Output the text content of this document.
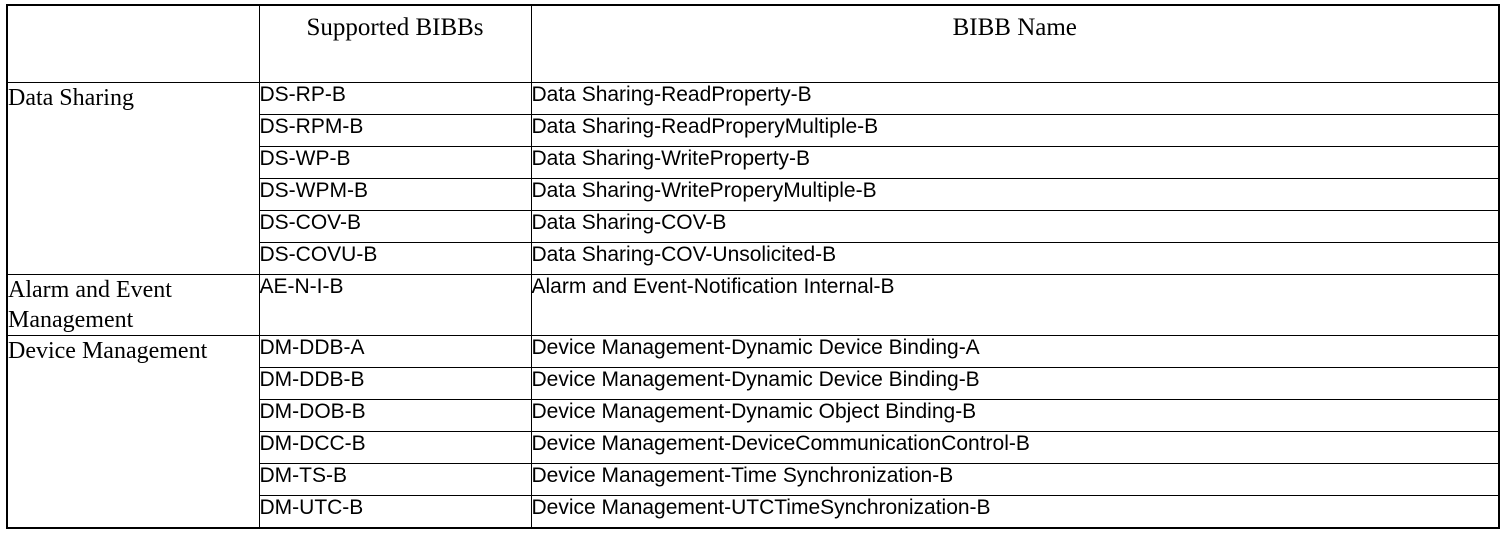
	Supported BIBBs	BIBB Name

Data Sharing	DS-RP-B	Data Sharing-ReadProperty-B
	DS-RPM-B	Data Sharing-ReadProperyMultiple-B
	DS-WP-B	Data Sharing-WriteProperty-B
	DS-WPM-B	Data Sharing-WriteProperyMultiple-B
	DS-COV-B	Data Sharing-COV-B
	DS-COVU-B	Data Sharing-COV-Unsolicited-B

Alarm and Event Management	AE-N-I-B	Alarm and Event-Notification Internal-B

Device Management	DM-DDB-A	Device Management-Dynamic Device Binding-A
	DM-DDB-B	Device Management-Dynamic Device Binding-B
	DM-DOB-B	Device Management-Dynamic Object Binding-B
	DM-DCC-B	Device Management-DeviceCommunicationControl-B
	DM-TS-B	Device Management-Time Synchronization-B
	DM-UTC-B	Device Management-UTCTimeSynchronization-B
